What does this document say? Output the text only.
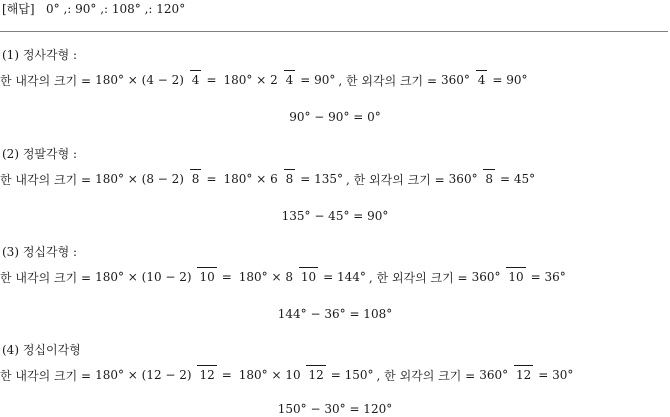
[해답] 0° ,: 90° ,: 108° ,: 120°
(1) 정사각형 :
한 내각의 크기 = 180° × (4 − 2) 4 = 180° × 2 4 = 90° , 한 외각의 크기 = 360° 4 = 90°
90° − 90° = 0°
(2) 정팔각형 :
한 내각의 크기 = 180° × (8 − 2) 8 = 180° × 6 8 = 135° , 한 외각의 크기 = 360° 8 = 45°
135° − 45° = 90°
(3) 정십각형 :
한 내각의 크기 = 180° × (10 − 2) 10 = 180° × 8 10 = 144° , 한 외각의 크기 = 360° 10 = 36°
144° − 36° = 108°
(4) 정십이각형
한 내각의 크기 = 180° × (12 − 2) 12 = 180° × 10 12 = 150° , 한 외각의 크기 = 360° 12 = 30°
150° − 30° = 120°
